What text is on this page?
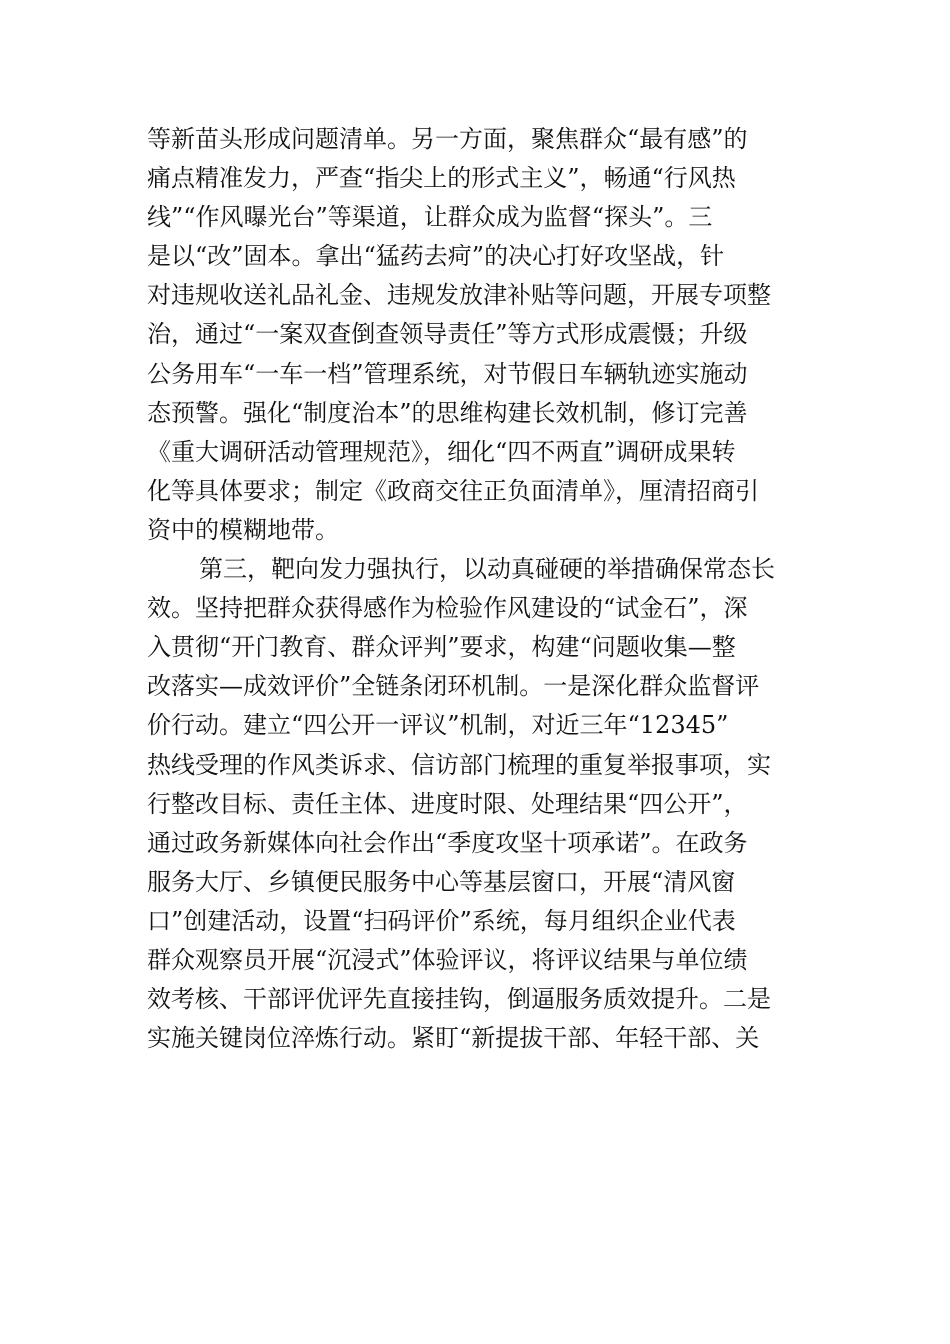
等新苗头形成问题清单。另一方面，聚焦群众“最有感”的
痛点精准发力，严查“指尖上的形式主义”，畅通“行风热
线”“作风曝光台”等渠道，让群众成为监督“探头”。三
是以“改”固本。拿出“猛药去疴”的决心打好攻坚战，针
对违规收送礼品礼金、违规发放津补贴等问题，开展专项整
治，通过“一案双查倒查领导责任”等方式形成震慑；升级
公务用车“一车一档”管理系统，对节假日车辆轨迹实施动
态预警。强化“制度治本”的思维构建长效机制，修订完善
《重大调研活动管理规范》，细化“四不两直”调研成果转
化等具体要求；制定《政商交往正负面清单》，厘清招商引
资中的模糊地带。
第三，靶向发力强执行，以动真碰硬的举措确保常态长
效。坚持把群众获得感作为检验作风建设的“试金石”，深
入贯彻“开门教育、群众评判”要求，构建“问题收集—整
改落实—成效评价”全链条闭环机制。一是深化群众监督评
价行动。建立“四公开一评议”机制，对近三年“12345”
热线受理的作风类诉求、信访部门梳理的重复举报事项，实
行整改目标、责任主体、进度时限、处理结果“四公开”，
通过政务新媒体向社会作出“季度攻坚十项承诺”。在政务
服务大厅、乡镇便民服务中心等基层窗口，开展“清风窗
口”创建活动，设置“扫码评价”系统，每月组织企业代表
群众观察员开展“沉浸式”体验评议，将评议结果与单位绩
效考核、干部评优评先直接挂钩，倒逼服务质效提升。二是
实施关键岗位淬炼行动。紧盯“新提拔干部、年轻干部、关
